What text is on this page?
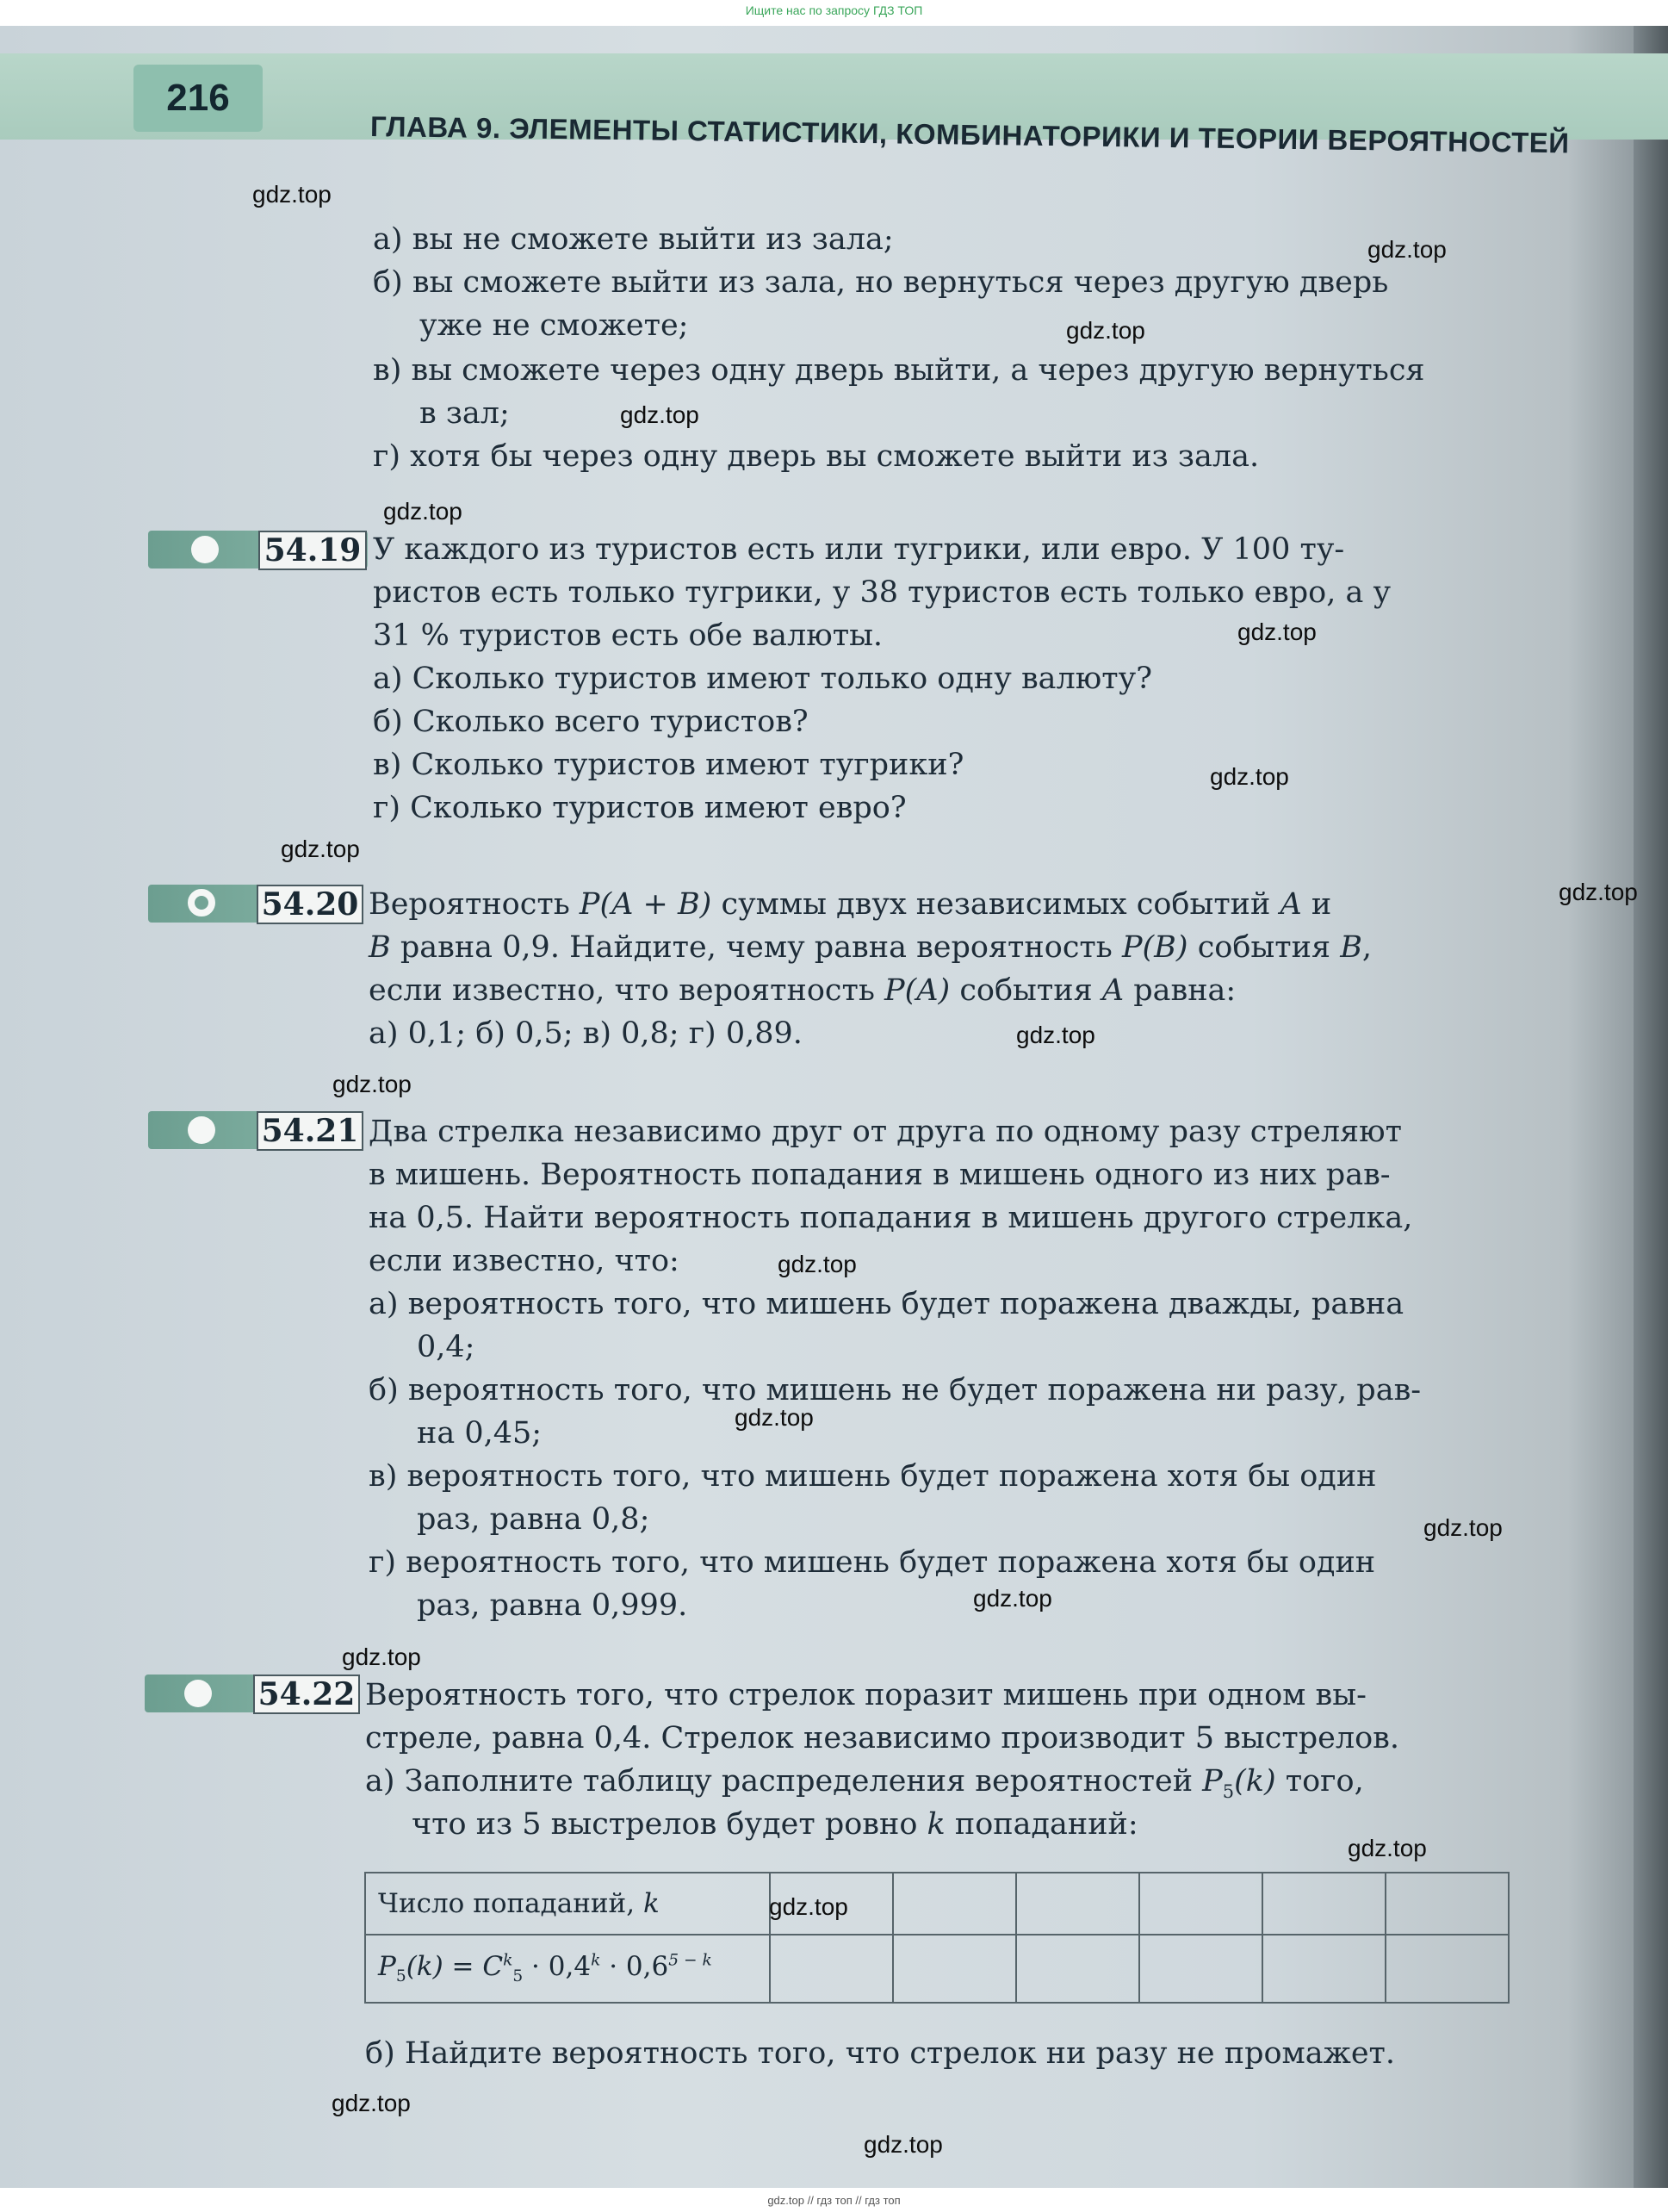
Ищите нас по запросу ГДЗ ТОП
216
ГЛАВА 9. ЭЛЕМЕНТЫ СТАТИСТИКИ, КОМБИНАТОРИКИ И ТЕОРИИ ВЕРОЯТНОСТЕЙ
а) вы не сможете выйти из зала;
б) вы сможете выйти из зала, но вернуться через другую дверь
уже не сможете;
в) вы сможете через одну дверь выйти, а через другую вернуться
в зал;
г) хотя бы через одну дверь вы сможете выйти из зала.
54.19 У каждого из туристов есть или тугрики, или евро. У 100 ту-
ристов есть только тугрики, у 38 туристов есть только евро, а у
31 % туристов есть обе валюты.
а) Сколько туристов имеют только одну валюту?
б) Сколько всего туристов?
в) Сколько туристов имеют тугрики?
г) Сколько туристов имеют евро?
54.20 Вероятность P(A + B) суммы двух независимых событий A и
B равна 0,9. Найдите, чему равна вероятность P(B) события B,
если известно, что вероятность P(A) события A равна:
а) 0,1; б) 0,5; в) 0,8; г) 0,89.
54.21 Два стрелка независимо друг от друга по одному разу стреляют
в мишень. Вероятность попадания в мишень одного из них рав-
на 0,5. Найти вероятность попадания в мишень другого стрелка,
если известно, что:
а) вероятность того, что мишень будет поражена дважды, равна
0,4;
б) вероятность того, что мишень не будет поражена ни разу, рав-
на 0,45;
в) вероятность того, что мишень будет поражена хотя бы один
раз, равна 0,8;
г) вероятность того, что мишень будет поражена хотя бы один
раз, равна 0,999.
54.22 Вероятность того, что стрелок поразит мишень при одном вы-
стреле, равна 0,4. Стрелок независимо производит 5 выстрелов.
а) Заполните таблицу распределения вероятностей $P_5(k)$ того,
что из 5 выстрелов будет ровно k попаданий:
Число попаданий, k						
$P_5(k) = C^k_5 \cdot 0,4^k \cdot 0,6^{5 - k}$						
б) Найдите вероятность того, что стрелок ни разу не промажет.
gdz.top
gdz.top
gdz.top
gdz.top
gdz.top
gdz.top
gdz.top
gdz.top
gdz.top
gdz.top
gdz.top
gdz.top
gdz.top
gdz.top
gdz.top
gdz.top
gdz.top
gdz.top
gdz.top
gdz.top
gdz.top // гдз топ // гдз топ
